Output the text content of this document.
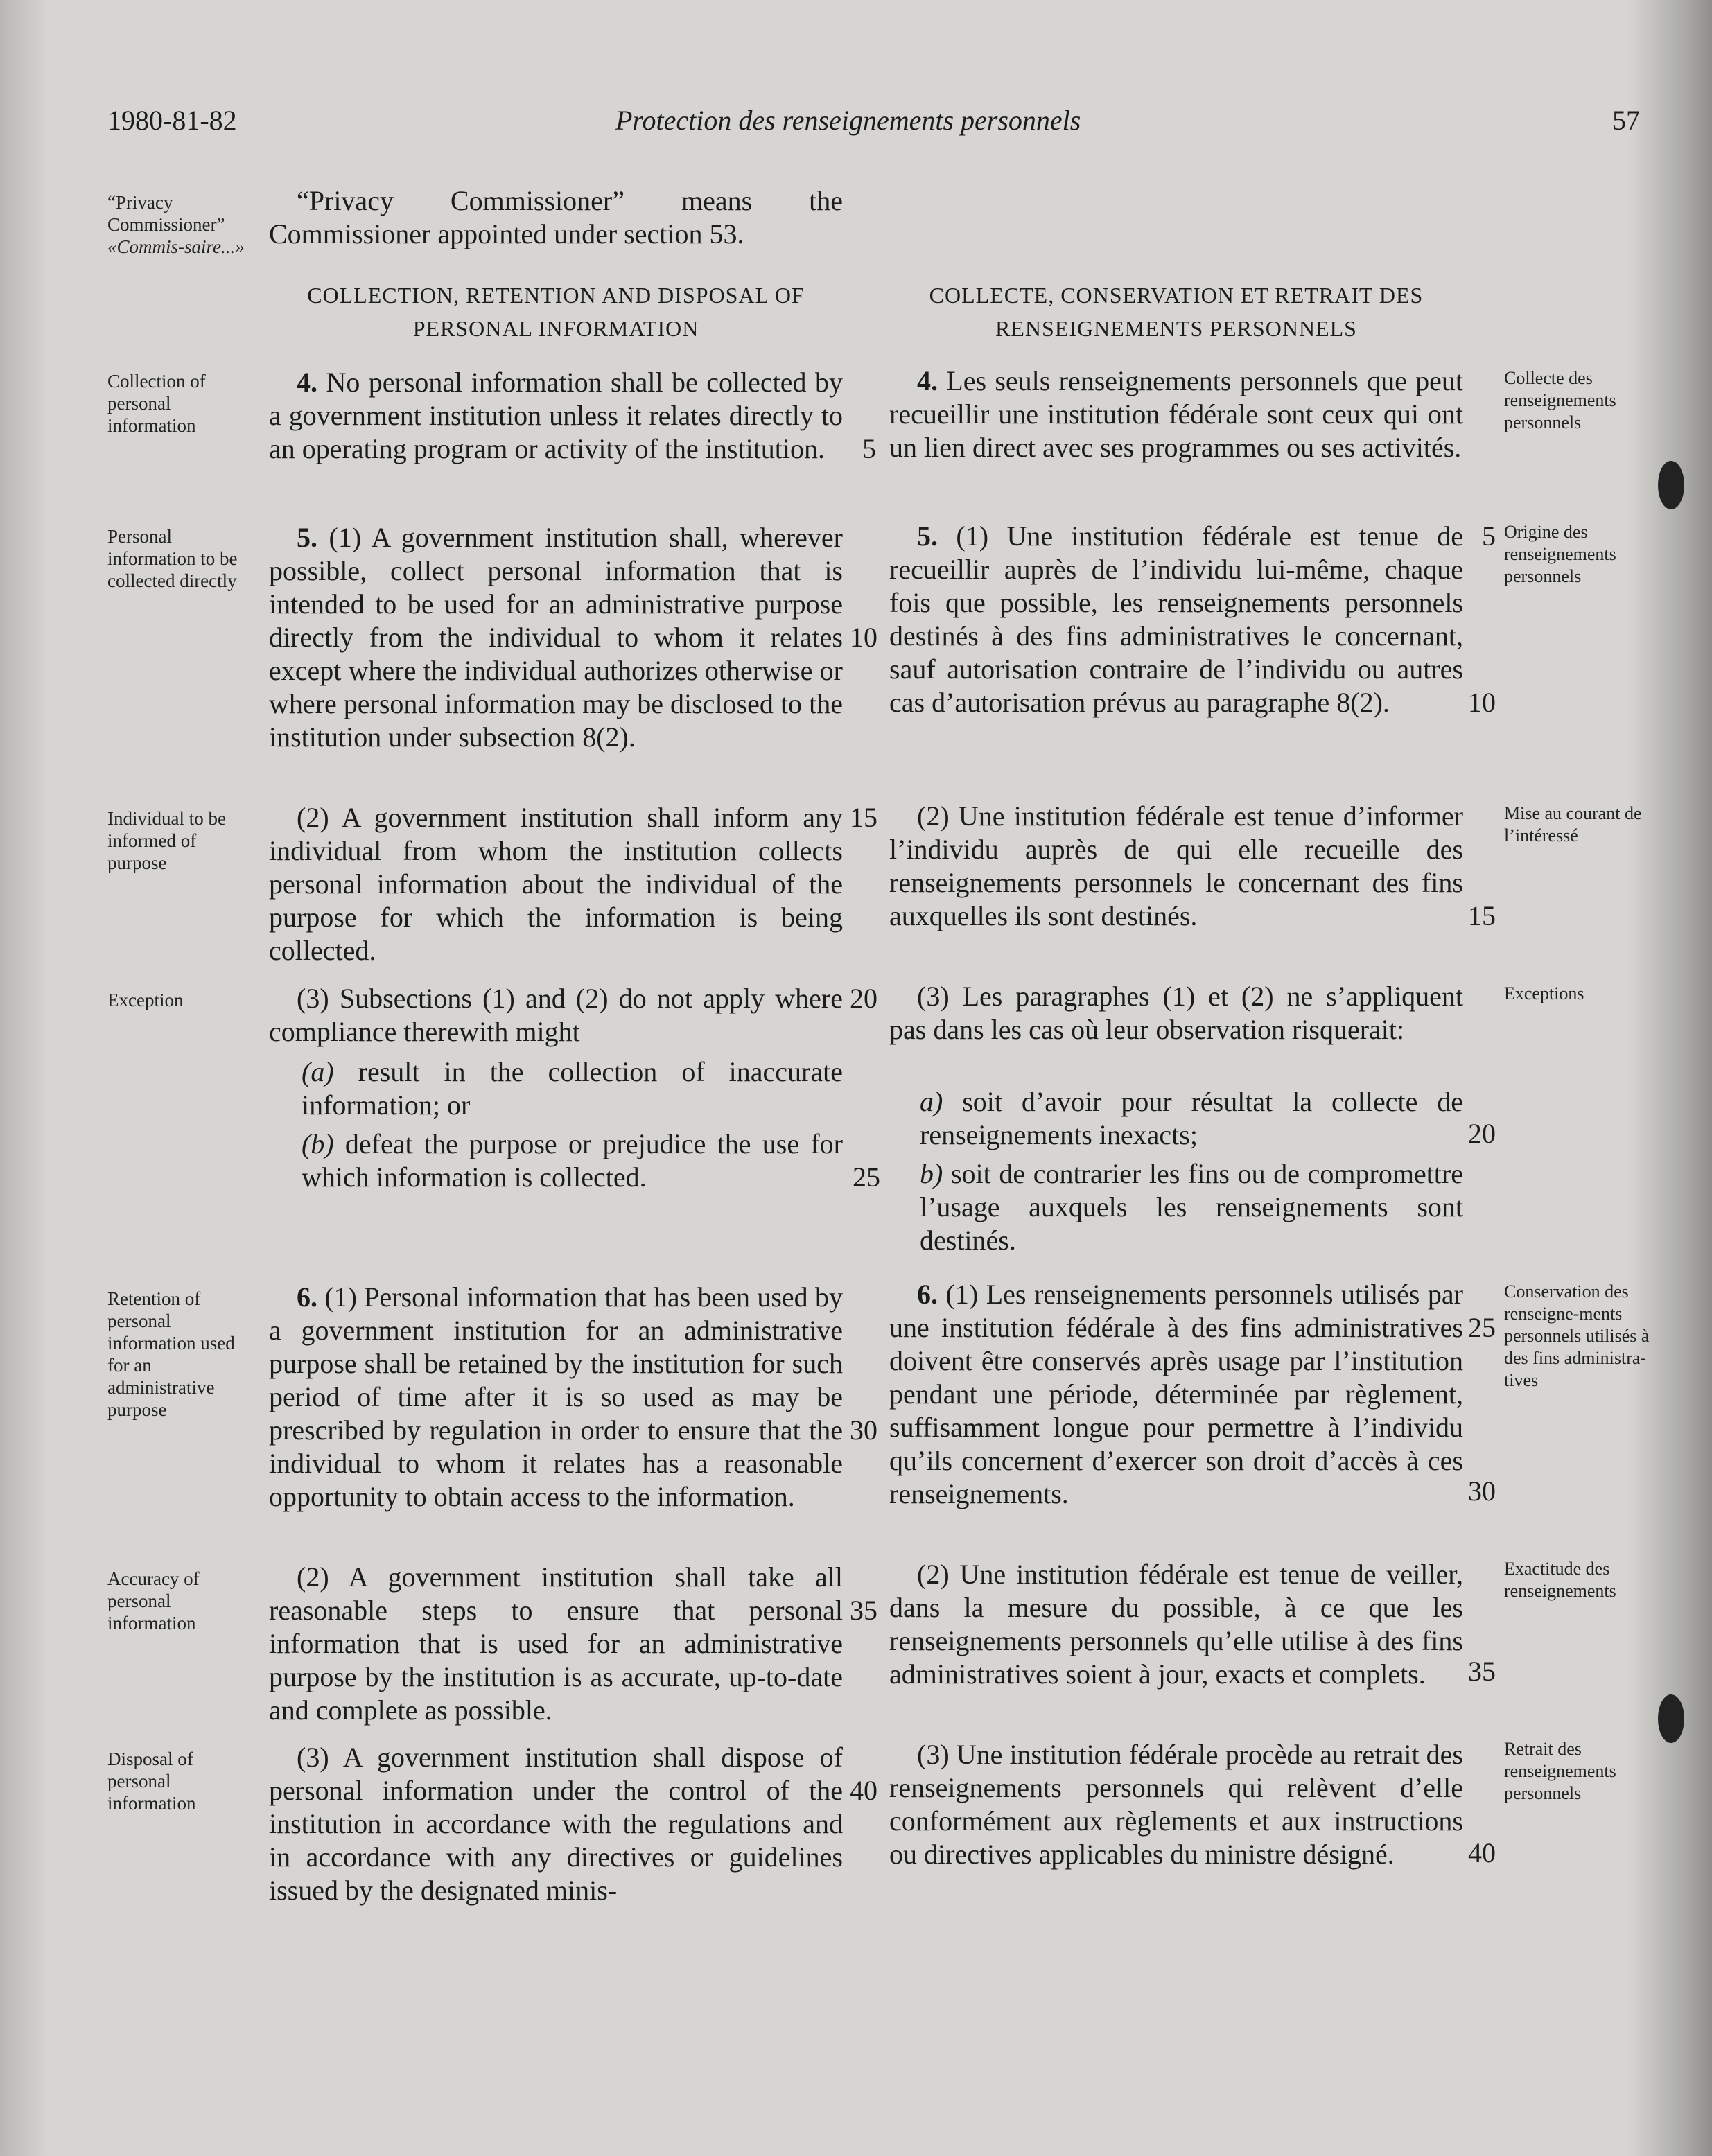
1980-81-82	Protection des renseignements personnels	57
“Privacy Commissioner”
«Commis-saire...»
Collection of personal information
Personal information to be collected directly
Individual to be informed of purpose
Exception
Retention of personal information used for an administrative purpose
Accuracy of personal information
Disposal of personal information
Collecte des renseignements personnels
Origine des renseignements personnels
Mise au courant de l’intéressé
Exceptions
Conservation des renseigne-ments personnels utilisés à des fins administra-tives
Exactitude des renseignements
Retrait des renseignements personnels
“Privacy Commissioner” means the Commissioner appointed under section 53.
COLLECTION, RETENTION AND DISPOSAL OF PERSONAL INFORMATION
4. No personal information shall be collected by a government institution unless it relates directly to an operating program or activity of the institution.
5. (1) A government institution shall, wherever possible, collect personal information that is intended to be used for an administrative purpose directly from the individual to whom it relates except where the individual authorizes otherwise or where personal information may be disclosed to the institution under subsection 8(2).
(2) A government institution shall inform any individual from whom the institution collects personal information about the individual of the purpose for which the information is being collected.
(3) Subsections (1) and (2) do not apply where compliance therewith might
(a) result in the collection of inaccurate information; or
(b) defeat the purpose or prejudice the use for which information is collected.
6. (1) Personal information that has been used by a government institution for an administrative purpose shall be retained by the institution for such period of time after it is so used as may be prescribed by regulation in order to ensure that the individual to whom it relates has a reasonable opportunity to obtain access to the information.
(2) A government institution shall take all reasonable steps to ensure that personal information that is used for an administrative purpose by the institution is as accurate, up-to-date and complete as possible.
(3) A government institution shall dispose of personal information under the control of the institution in accordance with the regulations and in accordance with any directives or guidelines issued by the designated minis-
COLLECTE, CONSERVATION ET RETRAIT DES RENSEIGNEMENTS PERSONNELS
4. Les seuls renseignements personnels que peut recueillir une institution fédérale sont ceux qui ont un lien direct avec ses programmes ou ses activités.
5. (1) Une institution fédérale est tenue de recueillir auprès de l’individu lui-même, chaque fois que possible, les renseignements personnels destinés à des fins administratives le concernant, sauf autorisation contraire de l’individu ou autres cas d’autorisation prévus au paragraphe 8(2).
(2) Une institution fédérale est tenue d’informer l’individu auprès de qui elle recueille des renseignements personnels le concernant des fins auxquelles ils sont destinés.
(3) Les paragraphes (1) et (2) ne s’appliquent pas dans les cas où leur observation risquerait:
a) soit d’avoir pour résultat la collecte de renseignements inexacts;
b) soit de contrarier les fins ou de compromettre l’usage auxquels les renseignements sont destinés.
6. (1) Les renseignements personnels utilisés par une institution fédérale à des fins administratives doivent être conservés après usage par l’institution pendant une période, déterminée par règlement, suffisamment longue pour permettre à l’individu qu’ils concernent d’exercer son droit d’accès à ces renseignements.
(2) Une institution fédérale est tenue de veiller, dans la mesure du possible, à ce que les renseignements personnels qu’elle utilise à des fins administratives soient à jour, exacts et complets.
(3) Une institution fédérale procède au retrait des renseignements personnels qui relèvent d’elle conformément aux règlements et aux instructions ou directives applicables du ministre désigné.
5
10
15
20
25
30
35
40
5
10
15
20
25
30
35
40
